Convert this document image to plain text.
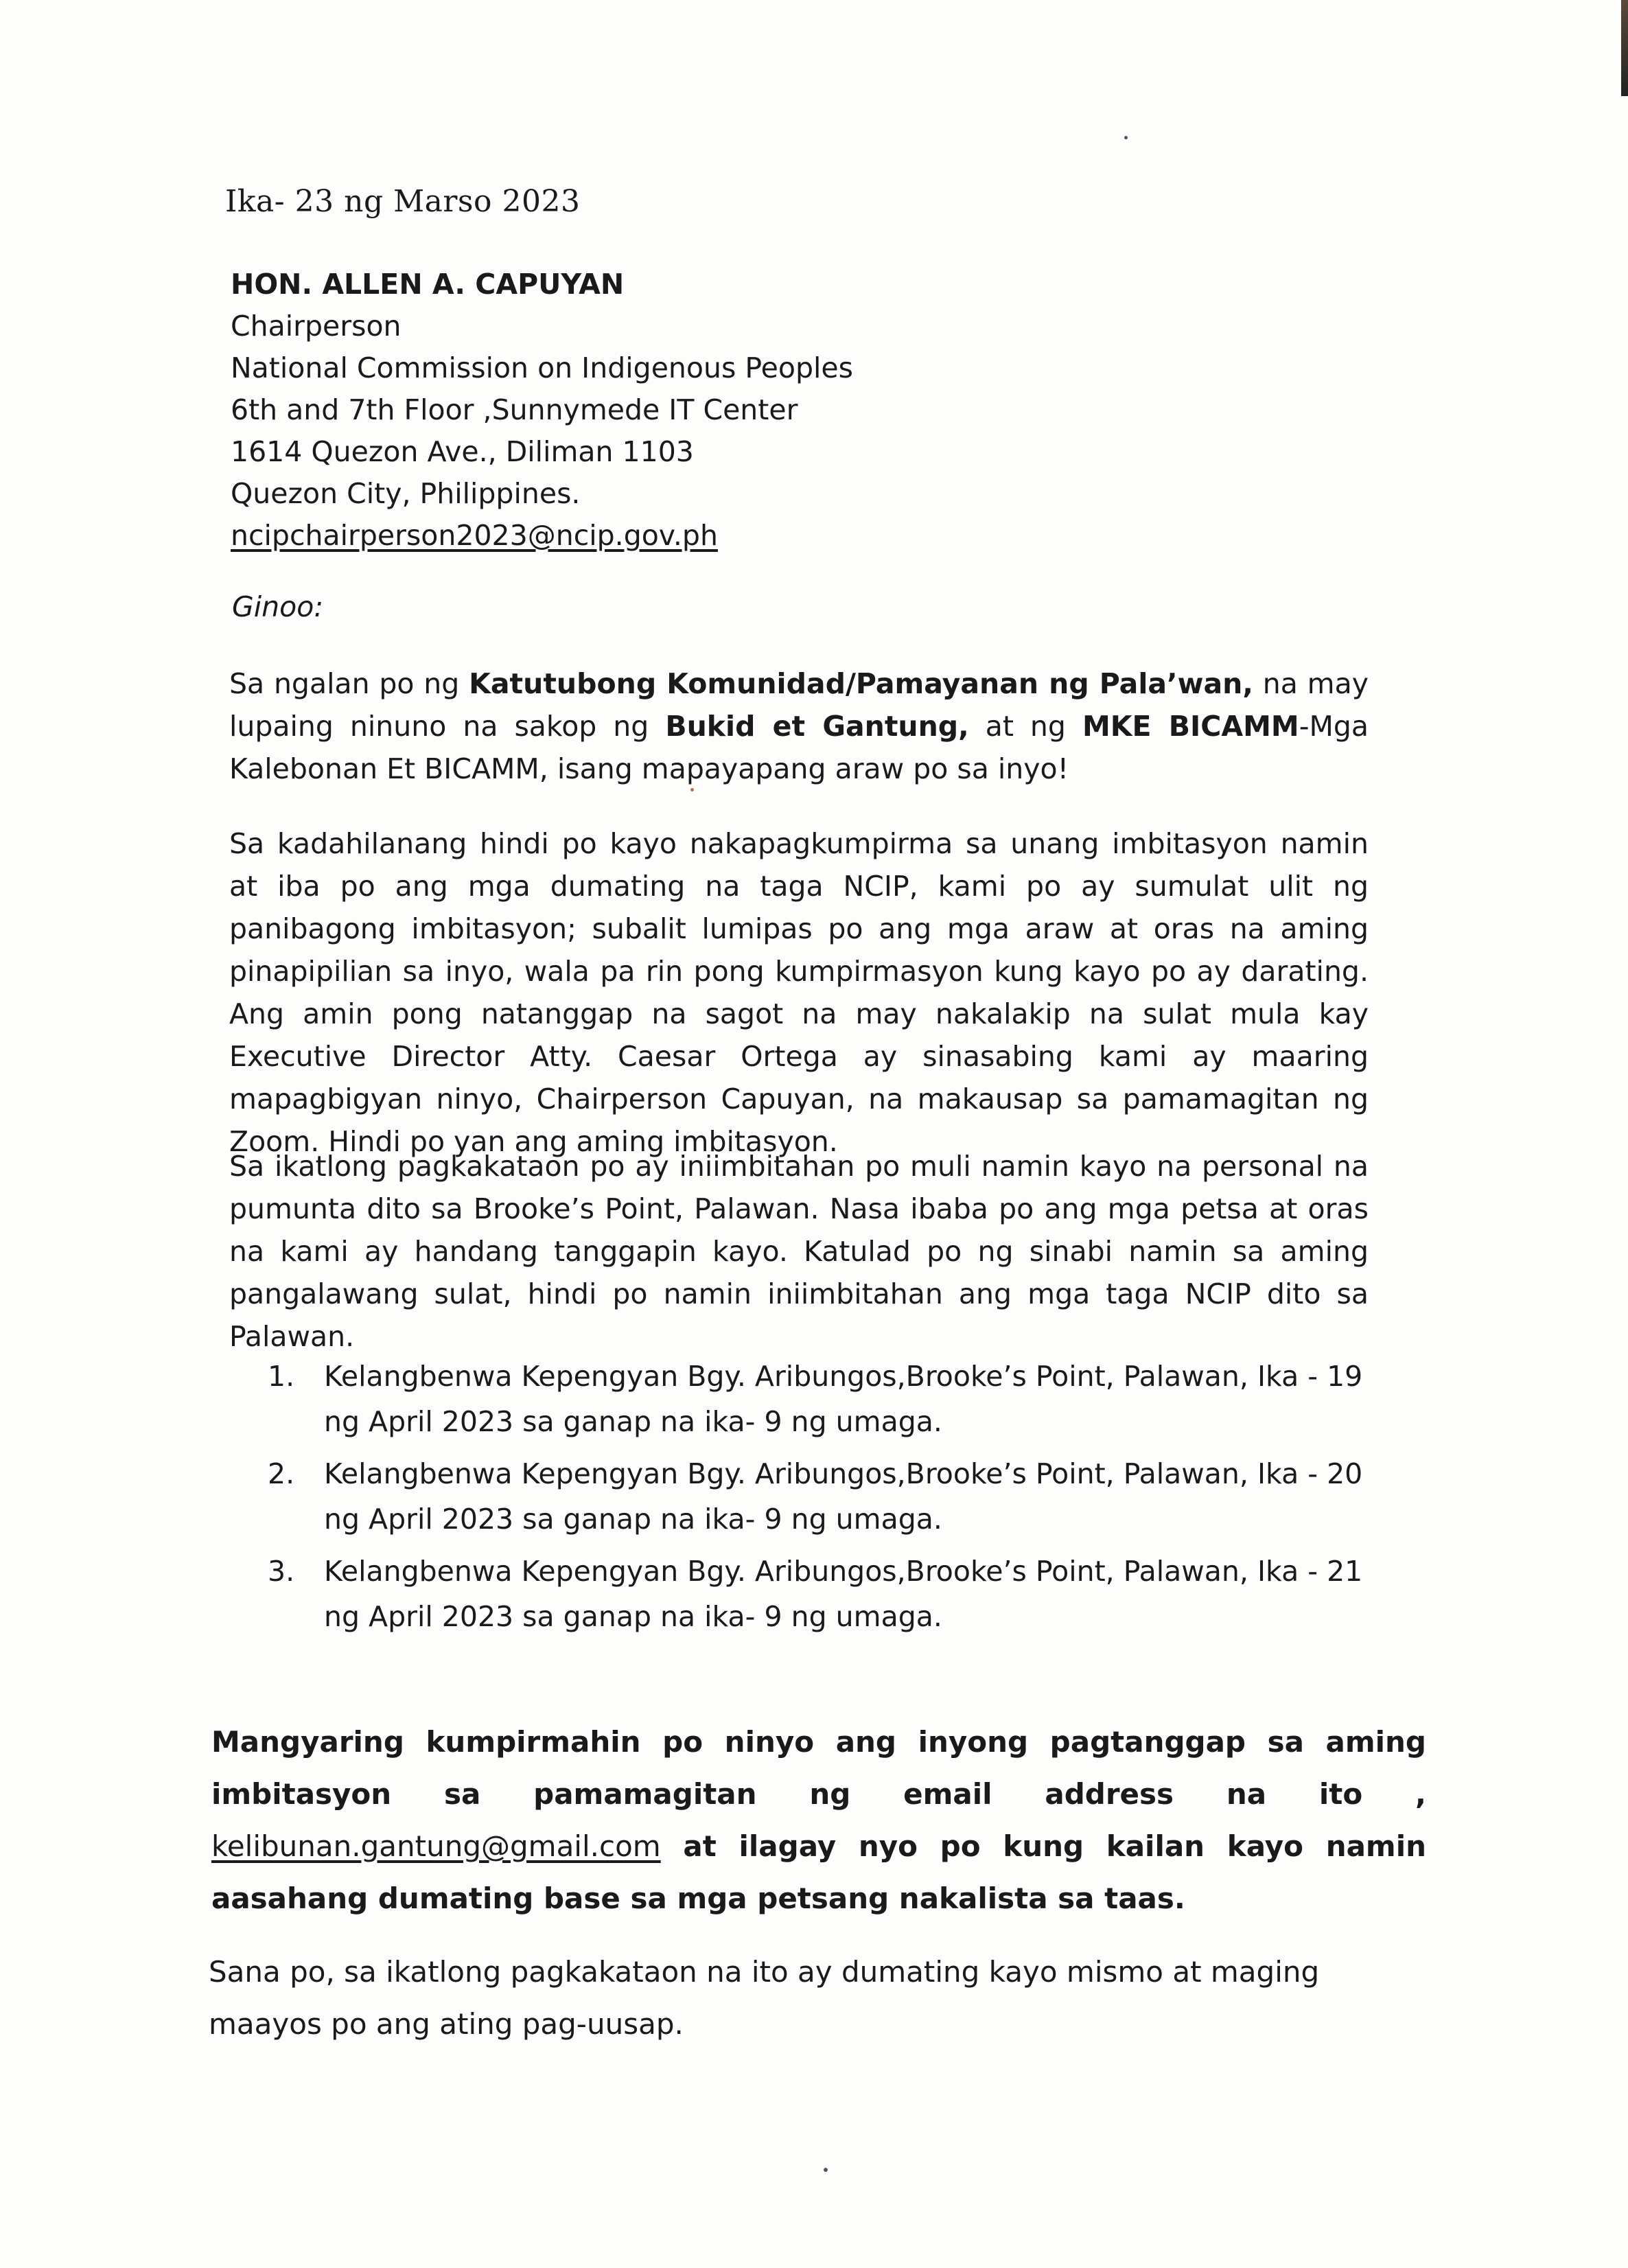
Ika- 23 ng Marso 2023
HON. ALLEN A. CAPUYAN
Chairperson
National Commission on Indigenous Peoples
6th and 7th Floor ,Sunnymede IT Center
1614 Quezon Ave., Diliman 1103
Quezon City, Philippines.
ncipchairperson2023@ncip.gov.ph
Ginoo:
Sa ngalan po ng Katutubong Komunidad/Pamayanan ng Pala’wan, na may lupaing ninuno na sakop ng Bukid et Gantung, at ng MKE BICAMM-Mga Kalebonan Et BICAMM, isang mapayapang araw po sa inyo!
Sa kadahilanang hindi po kayo nakapagkumpirma sa unang imbitasyon namin at iba po ang mga dumating na taga NCIP, kami po ay sumulat ulit ng panibagong imbitasyon; subalit lumipas po ang mga araw at oras na aming pinapipilian sa inyo, wala pa rin pong kumpirmasyon kung kayo po ay darating. Ang amin pong natanggap na sagot na may nakalakip na sulat mula kay Executive Director Atty. Caesar Ortega ay sinasabing kami ay maaring mapagbigyan ninyo, Chairperson Capuyan, na makausap sa pamamagitan ng Zoom. Hindi po yan ang aming imbitasyon.
Sa ikatlong pagkakataon po ay iniimbitahan po muli namin kayo na personal na pumunta dito sa Brooke’s Point, Palawan. Nasa ibaba po ang mga petsa at oras na kami ay handang tanggapin kayo. Katulad po ng sinabi namin sa aming pangalawang sulat, hindi po namin iniimbitahan ang mga taga NCIP dito sa Palawan.
1. Kelangbenwa Kepengyan Bgy. Aribungos,Brooke’s Point, Palawan, Ika - 19 ng April 2023 sa ganap na ika- 9 ng umaga.
2. Kelangbenwa Kepengyan Bgy. Aribungos,Brooke’s Point, Palawan, Ika - 20 ng April 2023 sa ganap na ika- 9 ng umaga.
3. Kelangbenwa Kepengyan Bgy. Aribungos,Brooke’s Point, Palawan, Ika - 21 ng April 2023 sa ganap na ika- 9 ng umaga.
Mangyaring kumpirmahin po ninyo ang inyong pagtanggap sa aming imbitasyon sa pamamagitan ng email address na ito , kelibunan.gantung@gmail.com at ilagay nyo po kung kailan kayo namin aasahang dumating base sa mga petsang nakalista sa taas.
Sana po, sa ikatlong pagkakataon na ito ay dumating kayo mismo at maging maayos po ang ating pag-uusap.
